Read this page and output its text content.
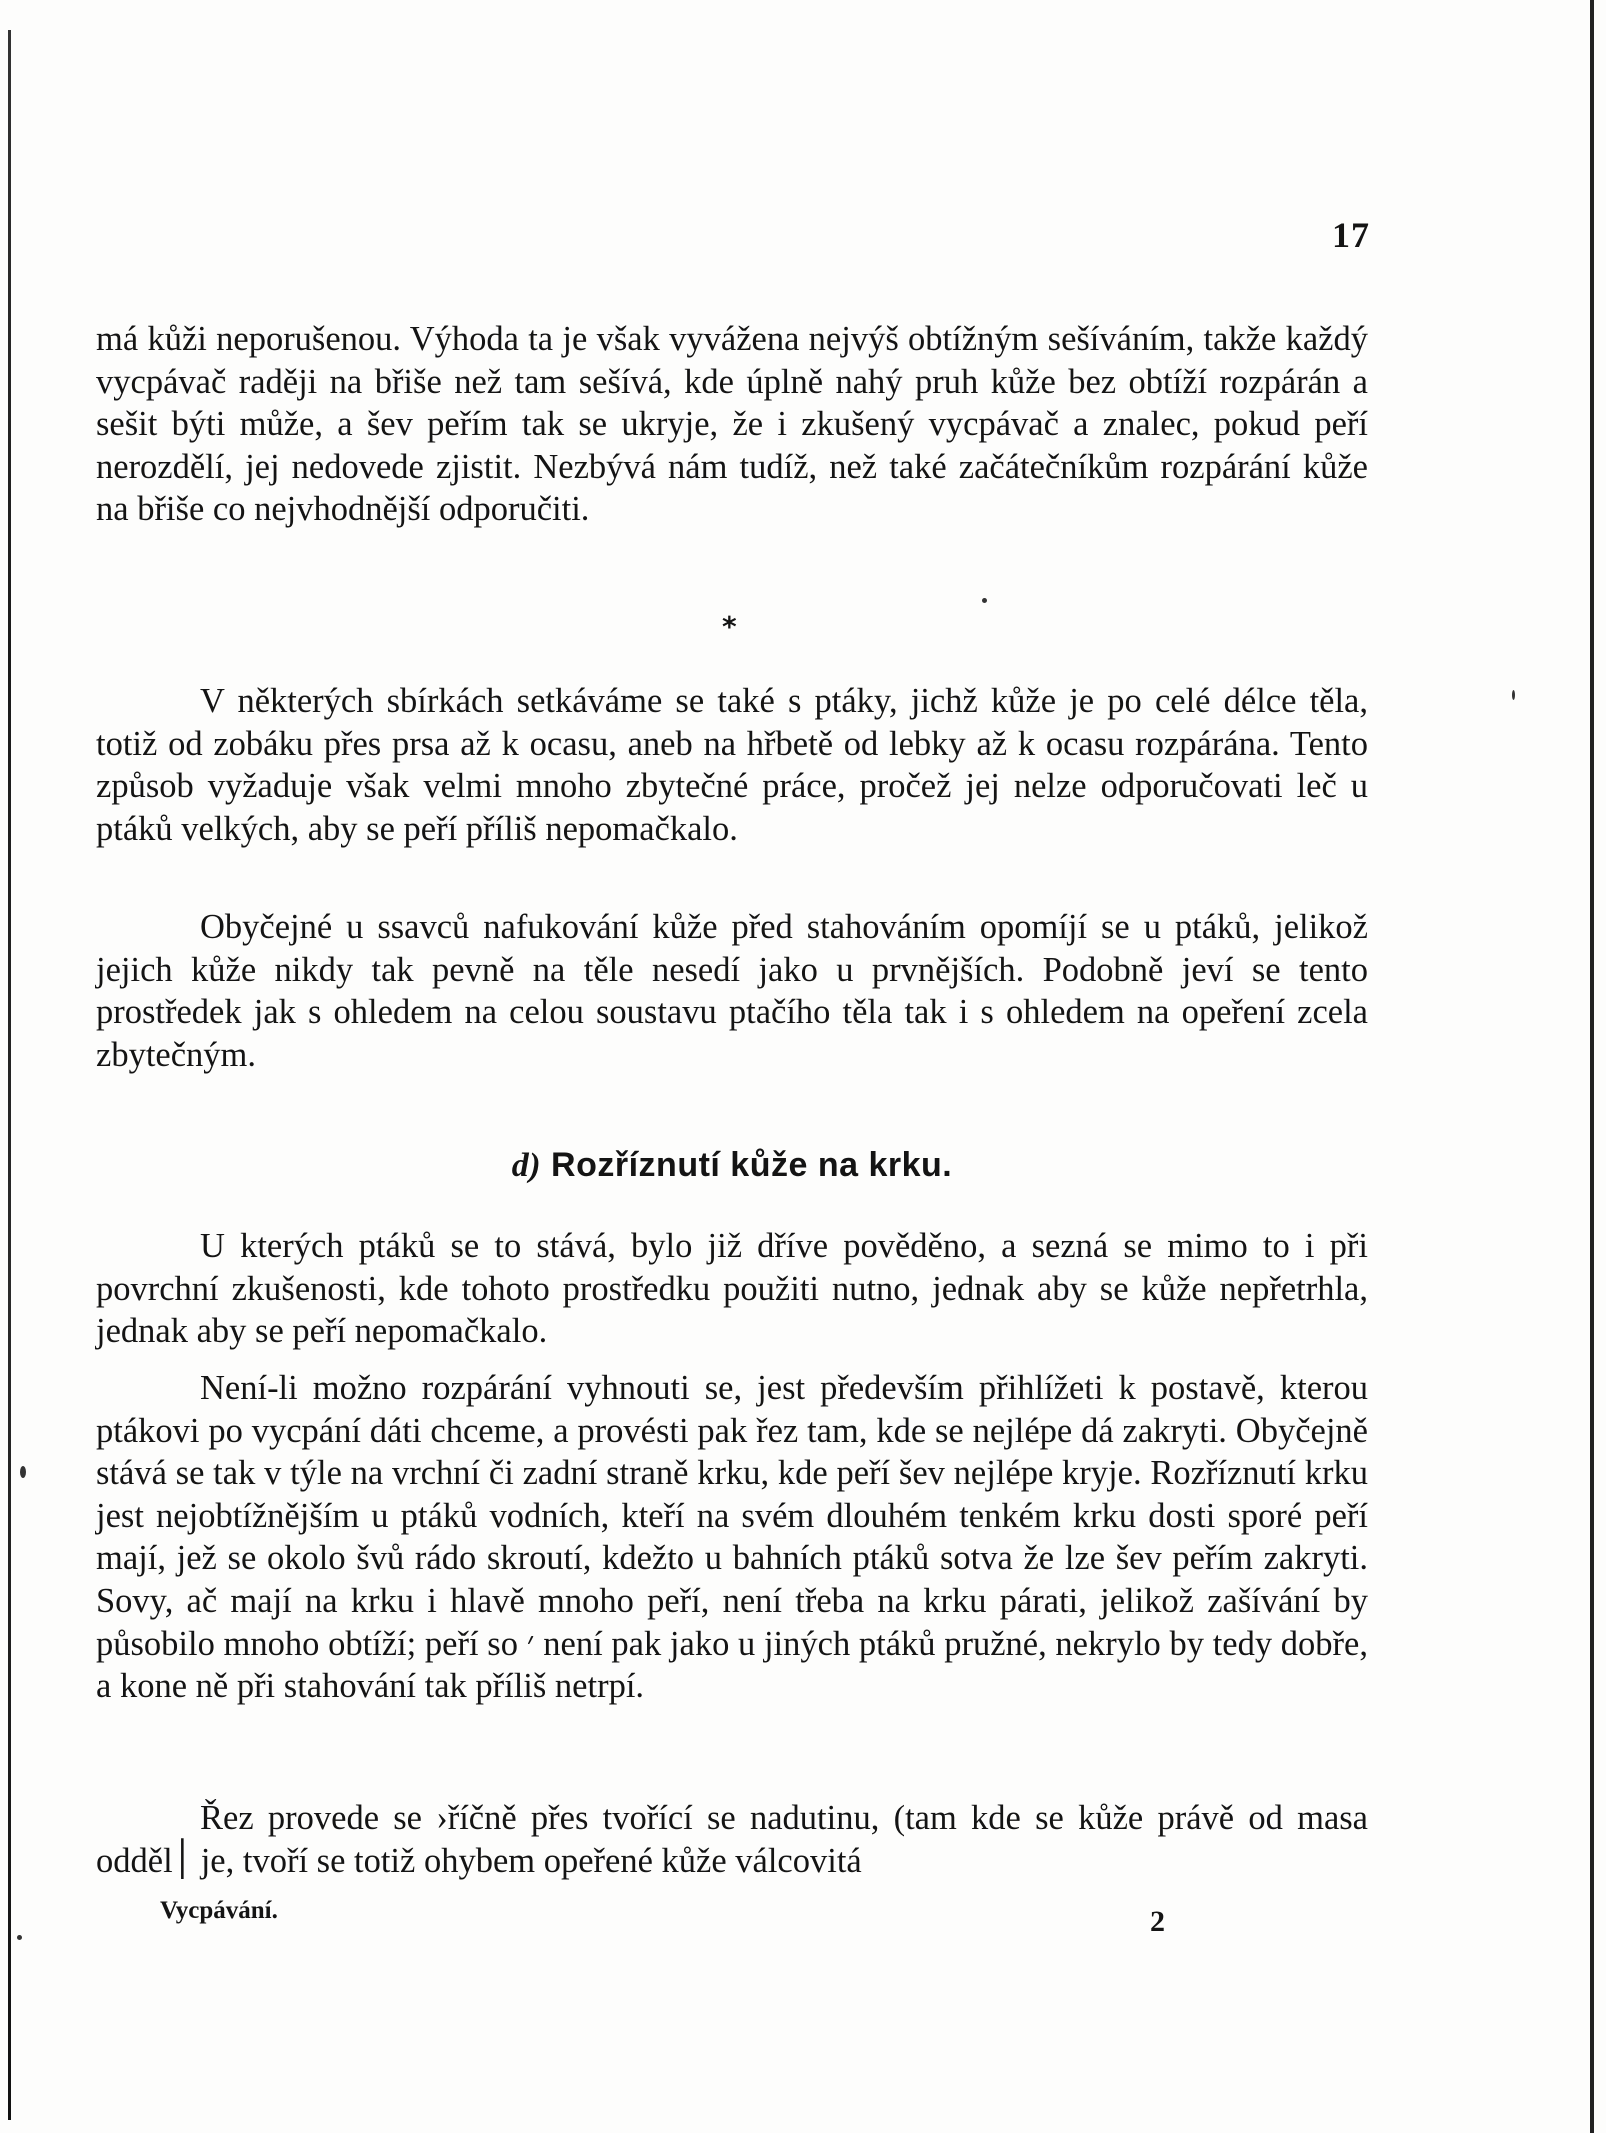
17

má kůži neporušenou. Výhoda ta je však vyvážena nejvýš obtížným sešíváním, takže každý vycpávač raději na břiše než tam sešívá, kde úplně nahý pruh kůže bez obtíží rozpárán a sešit býti může, a šev peřím tak se ukryje, že i zkušený vycpávač a znalec, pokud peří nerozdělí, jej nedovede zjistit. Nezbývá nám tudíž, než také začátečníkům rozpárání kůže na břiše co nejvhodnější odporučiti.

*

V některých sbírkách setkáváme se také s ptáky, jichž kůže je po celé délce těla, totiž od zobáku přes prsa až k ocasu, aneb na hřbetě od lebky až k ocasu rozpárána. Tento způsob vyžaduje však velmi mnoho zbytečné práce, pročež jej nelze odporučovati leč u ptáků velkých, aby se peří příliš nepomačkalo.

Obyčejné u ssavců nafukování kůže před stahováním opomíjí se u ptáků, jelikož jejich kůže nikdy tak pevně na těle nesedí jako u prvnějších. Podobně jeví se tento prostředek jak s ohledem na celou soustavu ptačího těla tak i s ohledem na opeření zcela zbytečným.

d) Rozříznutí kůže na krku.

U kterých ptáků se to stává, bylo již dříve pověděno, a sezná se mimo to i při povrchní zkušenosti, kde tohoto prostředku použiti nutno, jednak aby se kůže nepřetrhla, jednak aby se peří nepomačkalo.

Není-li možno rozpárání vyhnouti se, jest především přihlížeti k postavě, kterou ptákovi po vycpání dáti chceme, a provésti pak řez tam, kde se nejlépe dá zakryti. Obyčejně stává se tak v týle na vrchní či zadní straně krku, kde peří šev nejlépe kryje. Rozříznutí krku jest nejobtížnějším u ptáků vodních, kteří na svém dlouhém tenkém krku dosti sporé peří mají, jež se okolo švů rádo skroutí, kdežto u bahních ptáků sotva že lze šev peřím zakryti. Sovy, ač mají na krku i hlavě mnoho peří, není třeba na krku párati, jelikož zašívání by působilo mnoho obtíží; peří so ׳ není pak jako u jiných ptáků pružné, nekrylo by tedy dobře, a kone ně při stahování tak příliš netrpí.

Řez provede se ›říčně přes tvořící se nadutinu, (tam kde se kůže právě od masa odděl׀ je, tvoří se totiž ohybem opeřené kůže válcovitá

Vycpávání.	2
